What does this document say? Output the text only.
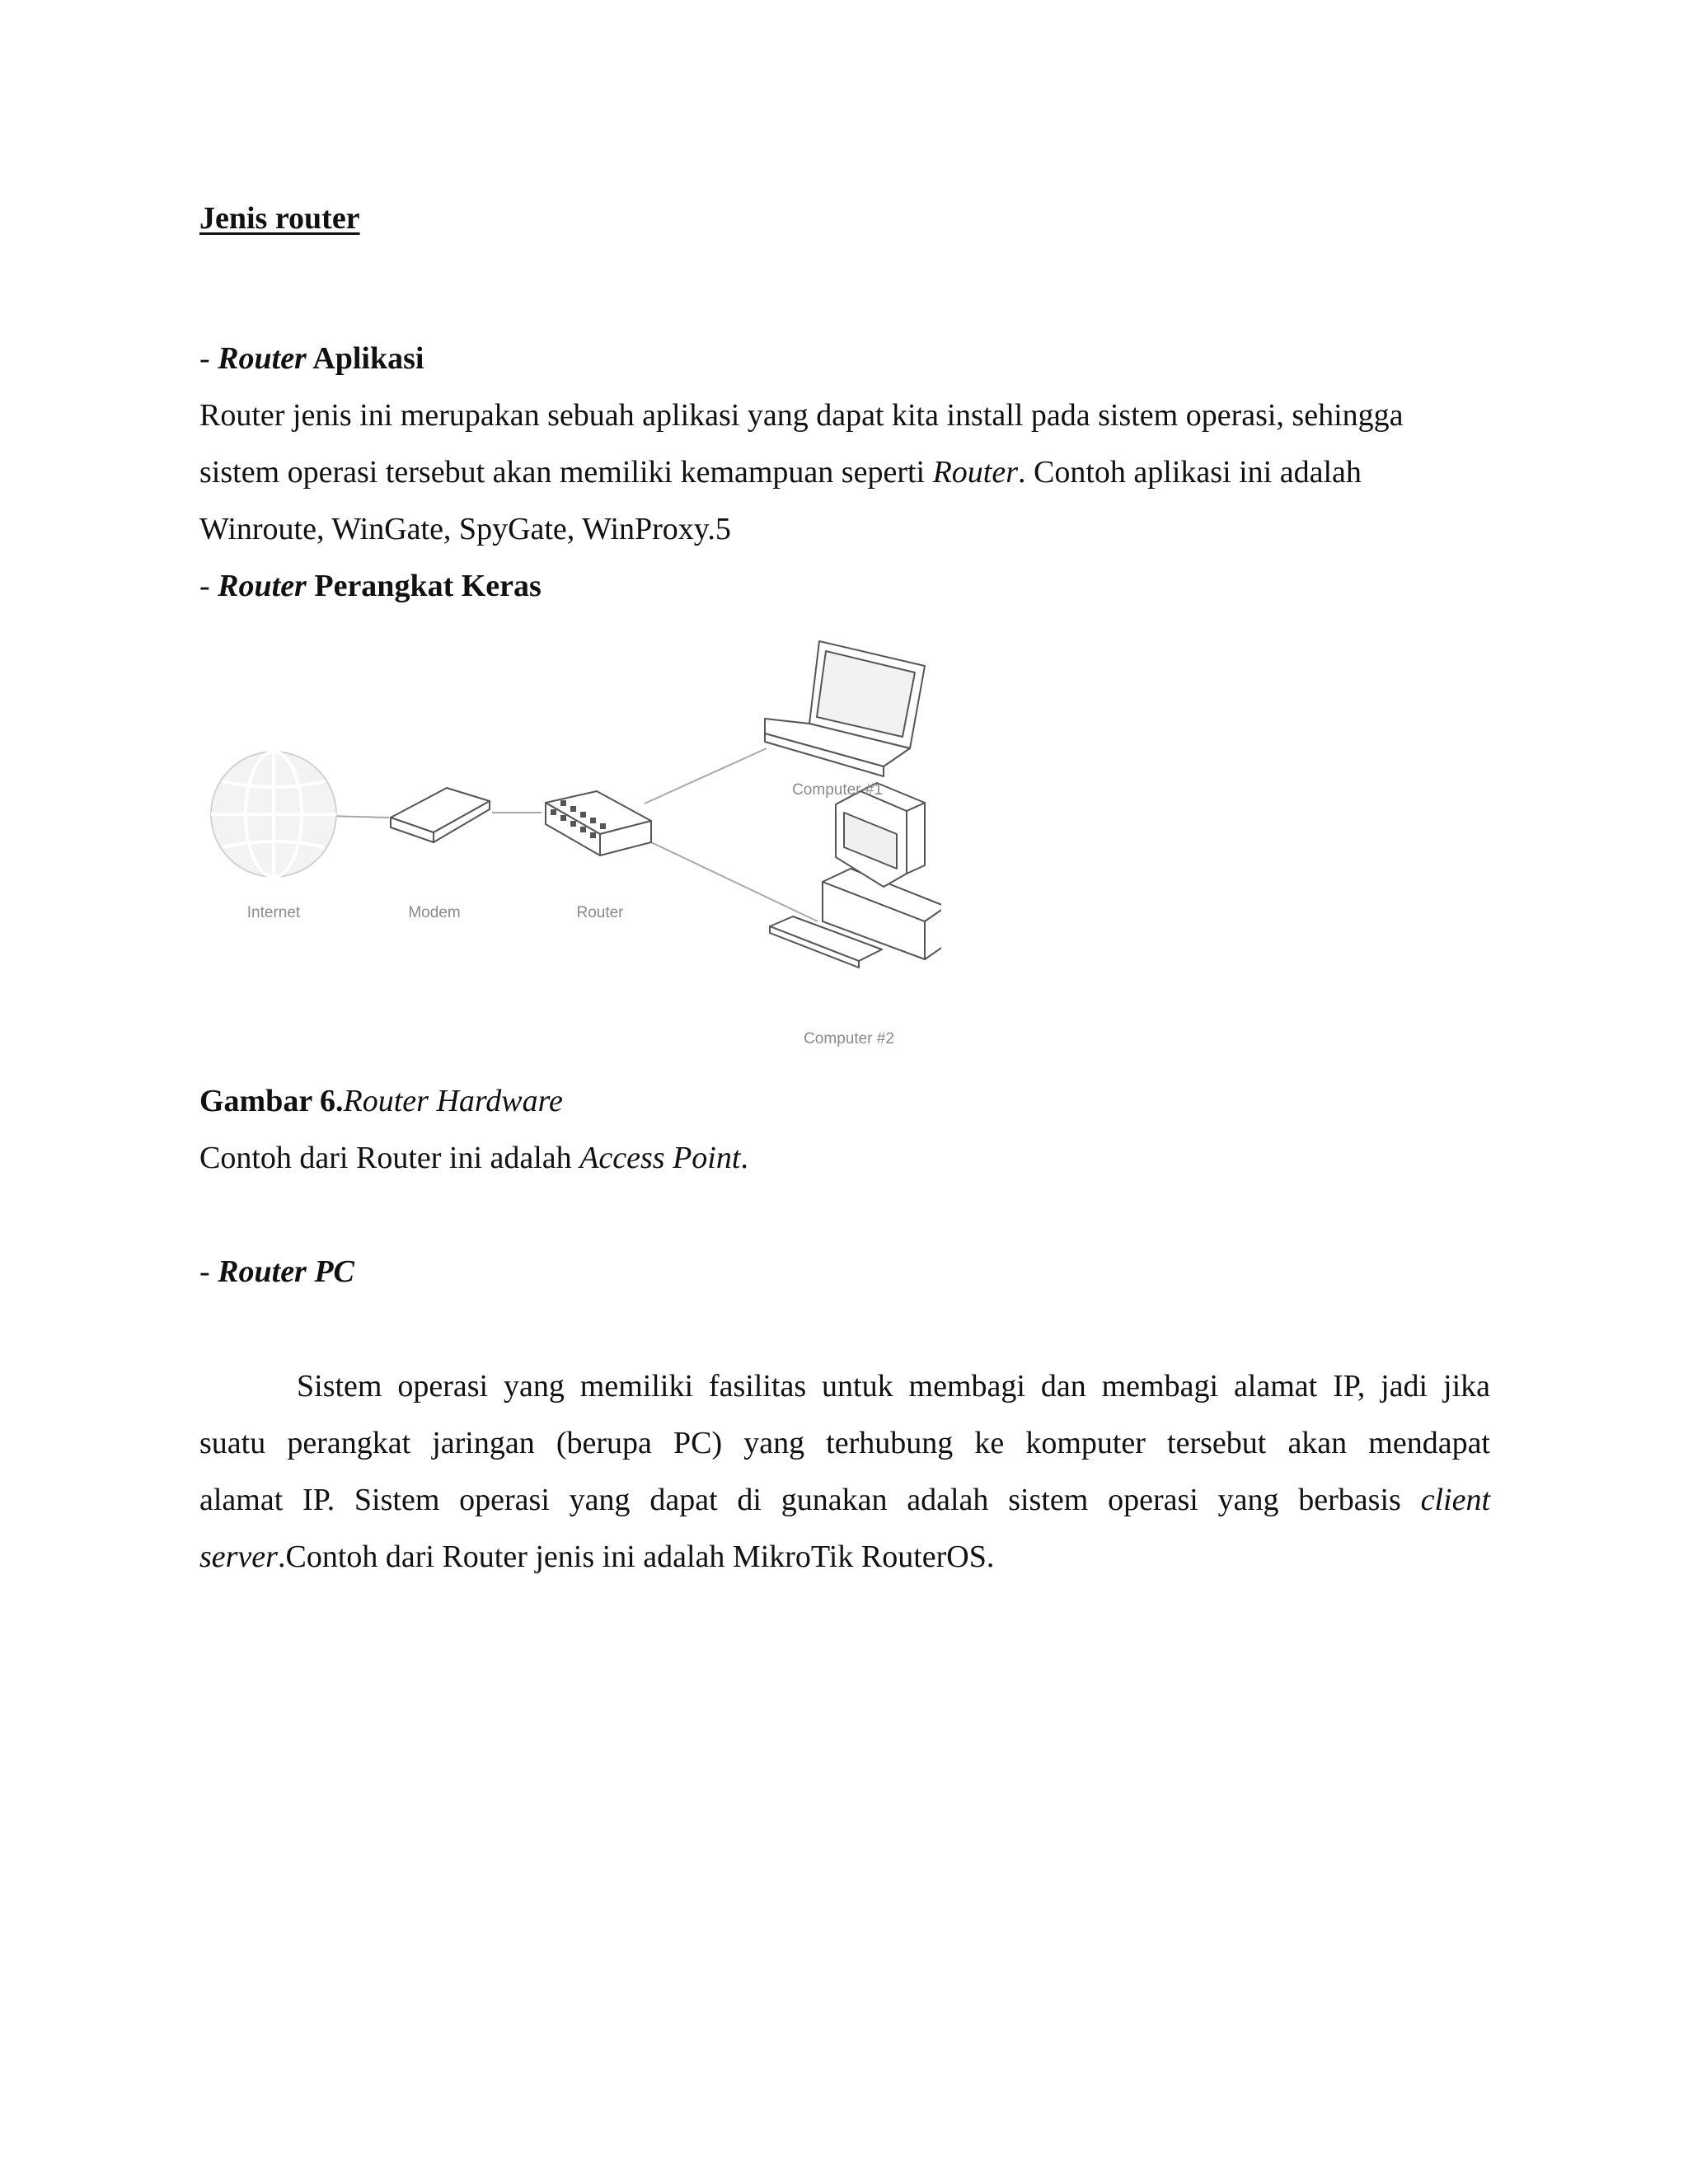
Jenis router
- Router Aplikasi
Router jenis ini merupakan sebuah aplikasi yang dapat kita install pada sistem operasi, sehingga
sistem operasi tersebut akan memiliki kemampuan seperti Router. Contoh aplikasi ini adalah
Winroute, WinGate, SpyGate, WinProxy.5
- Router Perangkat Keras
Internet	Modem	Router
Computer #1
Computer #2
Gambar 6.Router Hardware
Contoh dari Router ini adalah Access Point.
- Router PC
Sistem operasi yang memiliki fasilitas untuk membagi dan membagi alamat IP, jadi jika
suatu perangkat jaringan (berupa PC) yang terhubung ke komputer tersebut akan mendapat
alamat IP. Sistem operasi yang dapat di gunakan adalah sistem operasi yang berbasis client
server.Contoh dari Router jenis ini adalah MikroTik RouterOS.
